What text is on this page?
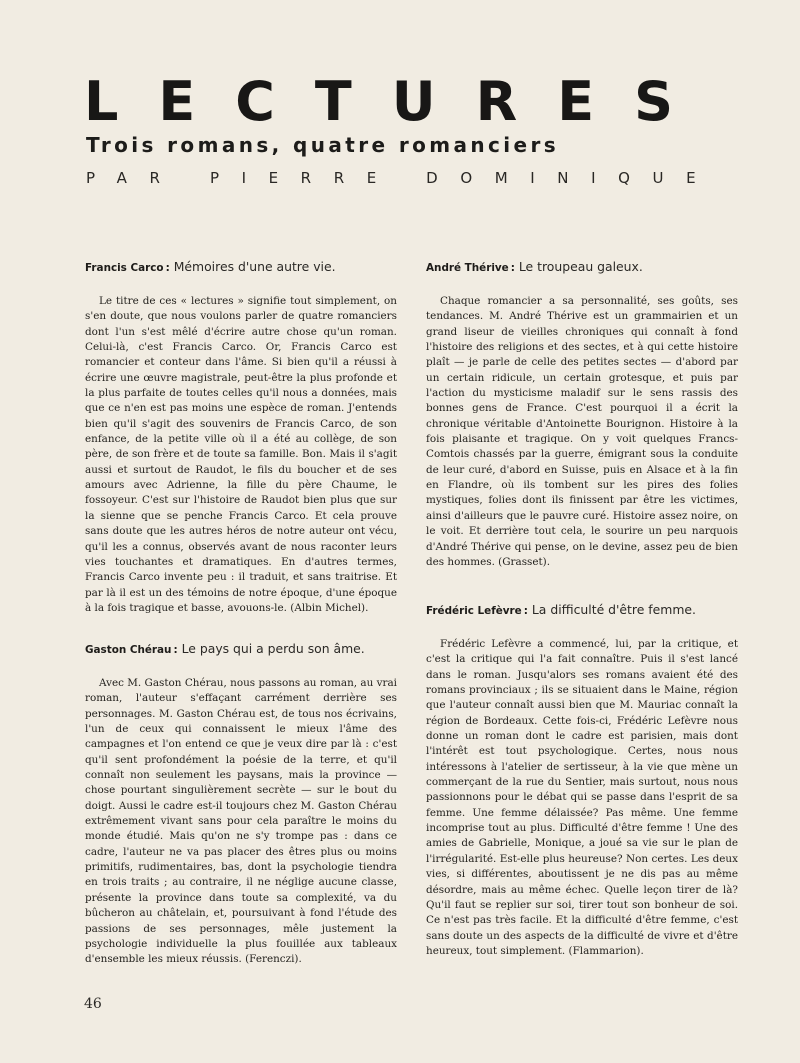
LECTURES
Trois romans, quatre romanciers

PAR PIERRE DOMINIQUE

Francis Carco : Mémoires d'une autre vie.

Le titre de ces « lectures » signifie tout simplement, on s'en doute, que nous voulons parler de quatre romanciers dont l'un s'est mêlé d'écrire autre chose qu'un roman. Celui-là, c'est Francis Carco. Or, Francis Carco est romancier et conteur dans l'âme. Si bien qu'il a réussi à écrire une œuvre magistrale, peut-être la plus profonde et la plus parfaite de toutes celles qu'il nous a données, mais que ce n'en est pas moins une espèce de roman. J'entends bien qu'il s'agit des souvenirs de Francis Carco, de son enfance, de la petite ville où il a été au collège, de son père, de son frère et de toute sa famille. Bon. Mais il s'agit aussi et surtout de Raudot, le fils du boucher et de ses amours avec Adrienne, la fille du père Chaume, le fossoyeur. C'est sur l'histoire de Raudot bien plus que sur la sienne que se penche Francis Carco. Et cela prouve sans doute que les autres héros de notre auteur ont vécu, qu'il les a connus, observés avant de nous raconter leurs vies touchantes et dramatiques. En d'autres termes, Francis Carco invente peu : il traduit, et sans traitrise. Et par là il est un des témoins de notre époque, d'une époque à la fois tragique et basse, avouons-le. (Albin Michel).

Gaston Chérau : Le pays qui a perdu son âme.

Avec M. Gaston Chérau, nous passons au roman, au vrai roman, l'auteur s'effaçant carrément derrière ses personnages. M. Gaston Chérau est, de tous nos écrivains, l'un de ceux qui connaissent le mieux l'âme des campagnes et l'on entend ce que je veux dire par là : c'est qu'il sent profondément la poésie de la terre, et qu'il connaît non seulement les paysans, mais la province — chose pourtant singulièrement secrète — sur le bout du doigt. Aussi le cadre est-il toujours chez M. Gaston Chérau extrêmement vivant sans pour cela paraître le moins du monde étudié. Mais qu'on ne s'y trompe pas : dans ce cadre, l'auteur ne va pas placer des êtres plus ou moins primitifs, rudimentaires, bas, dont la psychologie tiendra en trois traits ; au contraire, il ne néglige aucune classe, présente la province dans toute sa complexité, va du bûcheron au châtelain, et, poursuivant à fond l'étude des passions de ses personnages, mêle justement la psychologie individuelle la plus fouillée aux tableaux d'ensemble les mieux réussis. (Ferenczi).

André Thérive : Le troupeau galeux.

Chaque romancier a sa personnalité, ses goûts, ses tendances. M. André Thérive est un grammairien et un grand liseur de vieilles chroniques qui connaît à fond l'histoire des religions et des sectes, et à qui cette histoire plaît — je parle de celle des petites sectes — d'abord par un certain ridicule, un certain grotesque, et puis par l'action du mysticisme maladif sur le sens rassis des bonnes gens de France. C'est pourquoi il a écrit la chronique véritable d'Antoinette Bourignon. Histoire à la fois plaisante et tragique. On y voit quelques Francs-Comtois chassés par la guerre, émigrant sous la conduite de leur curé, d'abord en Suisse, puis en Alsace et à la fin en Flandre, où ils tombent sur les pires des folies mystiques, folies dont ils finissent par être les victimes, ainsi d'ailleurs que le pauvre curé. Histoire assez noire, on le voit. Et derrière tout cela, le sourire un peu narquois d'André Thérive qui pense, on le devine, assez peu de bien des hommes. (Grasset).

Frédéric Lefèvre : La difficulté d'être femme.

Frédéric Lefèvre a commencé, lui, par la critique, et c'est la critique qui l'a fait connaître. Puis il s'est lancé dans le roman. Jusqu'alors ses romans avaient été des romans provinciaux ; ils se situaient dans le Maine, région que l'auteur connaît aussi bien que M. Mauriac connaît la région de Bordeaux. Cette fois-ci, Frédéric Lefèvre nous donne un roman dont le cadre est parisien, mais dont l'intérêt est tout psychologique. Certes, nous nous intéressons à l'atelier de sertisseur, à la vie que mène un commerçant de la rue du Sentier, mais surtout, nous nous passionnons pour le débat qui se passe dans l'esprit de sa femme. Une femme délaissée? Pas même. Une femme incomprise tout au plus. Difficulté d'être femme ! Une des amies de Gabrielle, Monique, a joué sa vie sur le plan de l'irrégularité. Est-elle plus heureuse? Non certes. Les deux vies, si différentes, aboutissent je ne dis pas au même désordre, mais au même échec. Quelle leçon tirer de là? Qu'il faut se replier sur soi, tirer tout son bonheur de soi. Ce n'est pas très facile. Et la difficulté d'être femme, c'est sans doute un des aspects de la difficulté de vivre et d'être heureux, tout simplement. (Flammarion).

46
